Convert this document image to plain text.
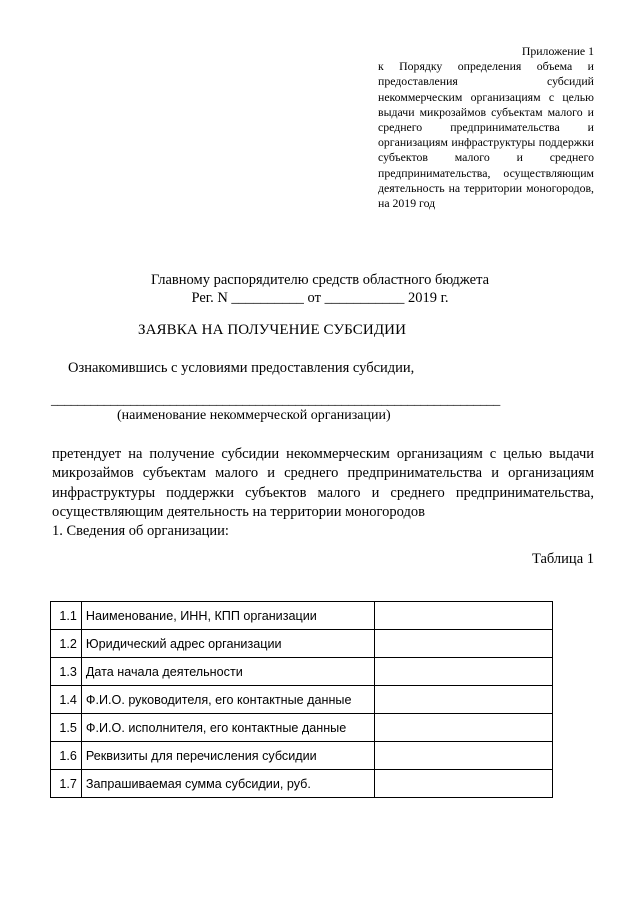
Приложение 1
к Порядку определения объема и предоставления субсидий некоммерческим организациям с целью выдачи микрозаймов субъектам малого и среднего предпринимательства и организациям инфраструктуры поддержки субъектов малого и среднего предпринимательства, осуществляющим деятельность на территории моногородов, на 2019 год
Главному распорядителю средств областного бюджета
Рег. N __________ от ___________ 2019 г.
ЗАЯВКА НА ПОЛУЧЕНИЕ СУБСИДИИ
Ознакомившись с условиями предоставления субсидии,
____________________________________________________________________
(наименование некоммерческой организации)
претендует на получение субсидии некоммерческим организациям с целью выдачи микрозаймов субъектам малого и среднего предпринимательства и организациям инфраструктуры поддержки субъектов малого и среднего предпринимательства, осуществляющим деятельность на территории моногородов
1. Сведения об организации:
Таблица 1
1.1	Наименование, ИНН, КПП организации	
1.2	Юридический адрес организации	
1.3	Дата начала деятельности	
1.4	Ф.И.О. руководителя, его контактные данные	
1.5	Ф.И.О. исполнителя, его контактные данные	
1.6	Реквизиты для перечисления субсидии	
1.7	Запрашиваемая сумма субсидии, руб.	
